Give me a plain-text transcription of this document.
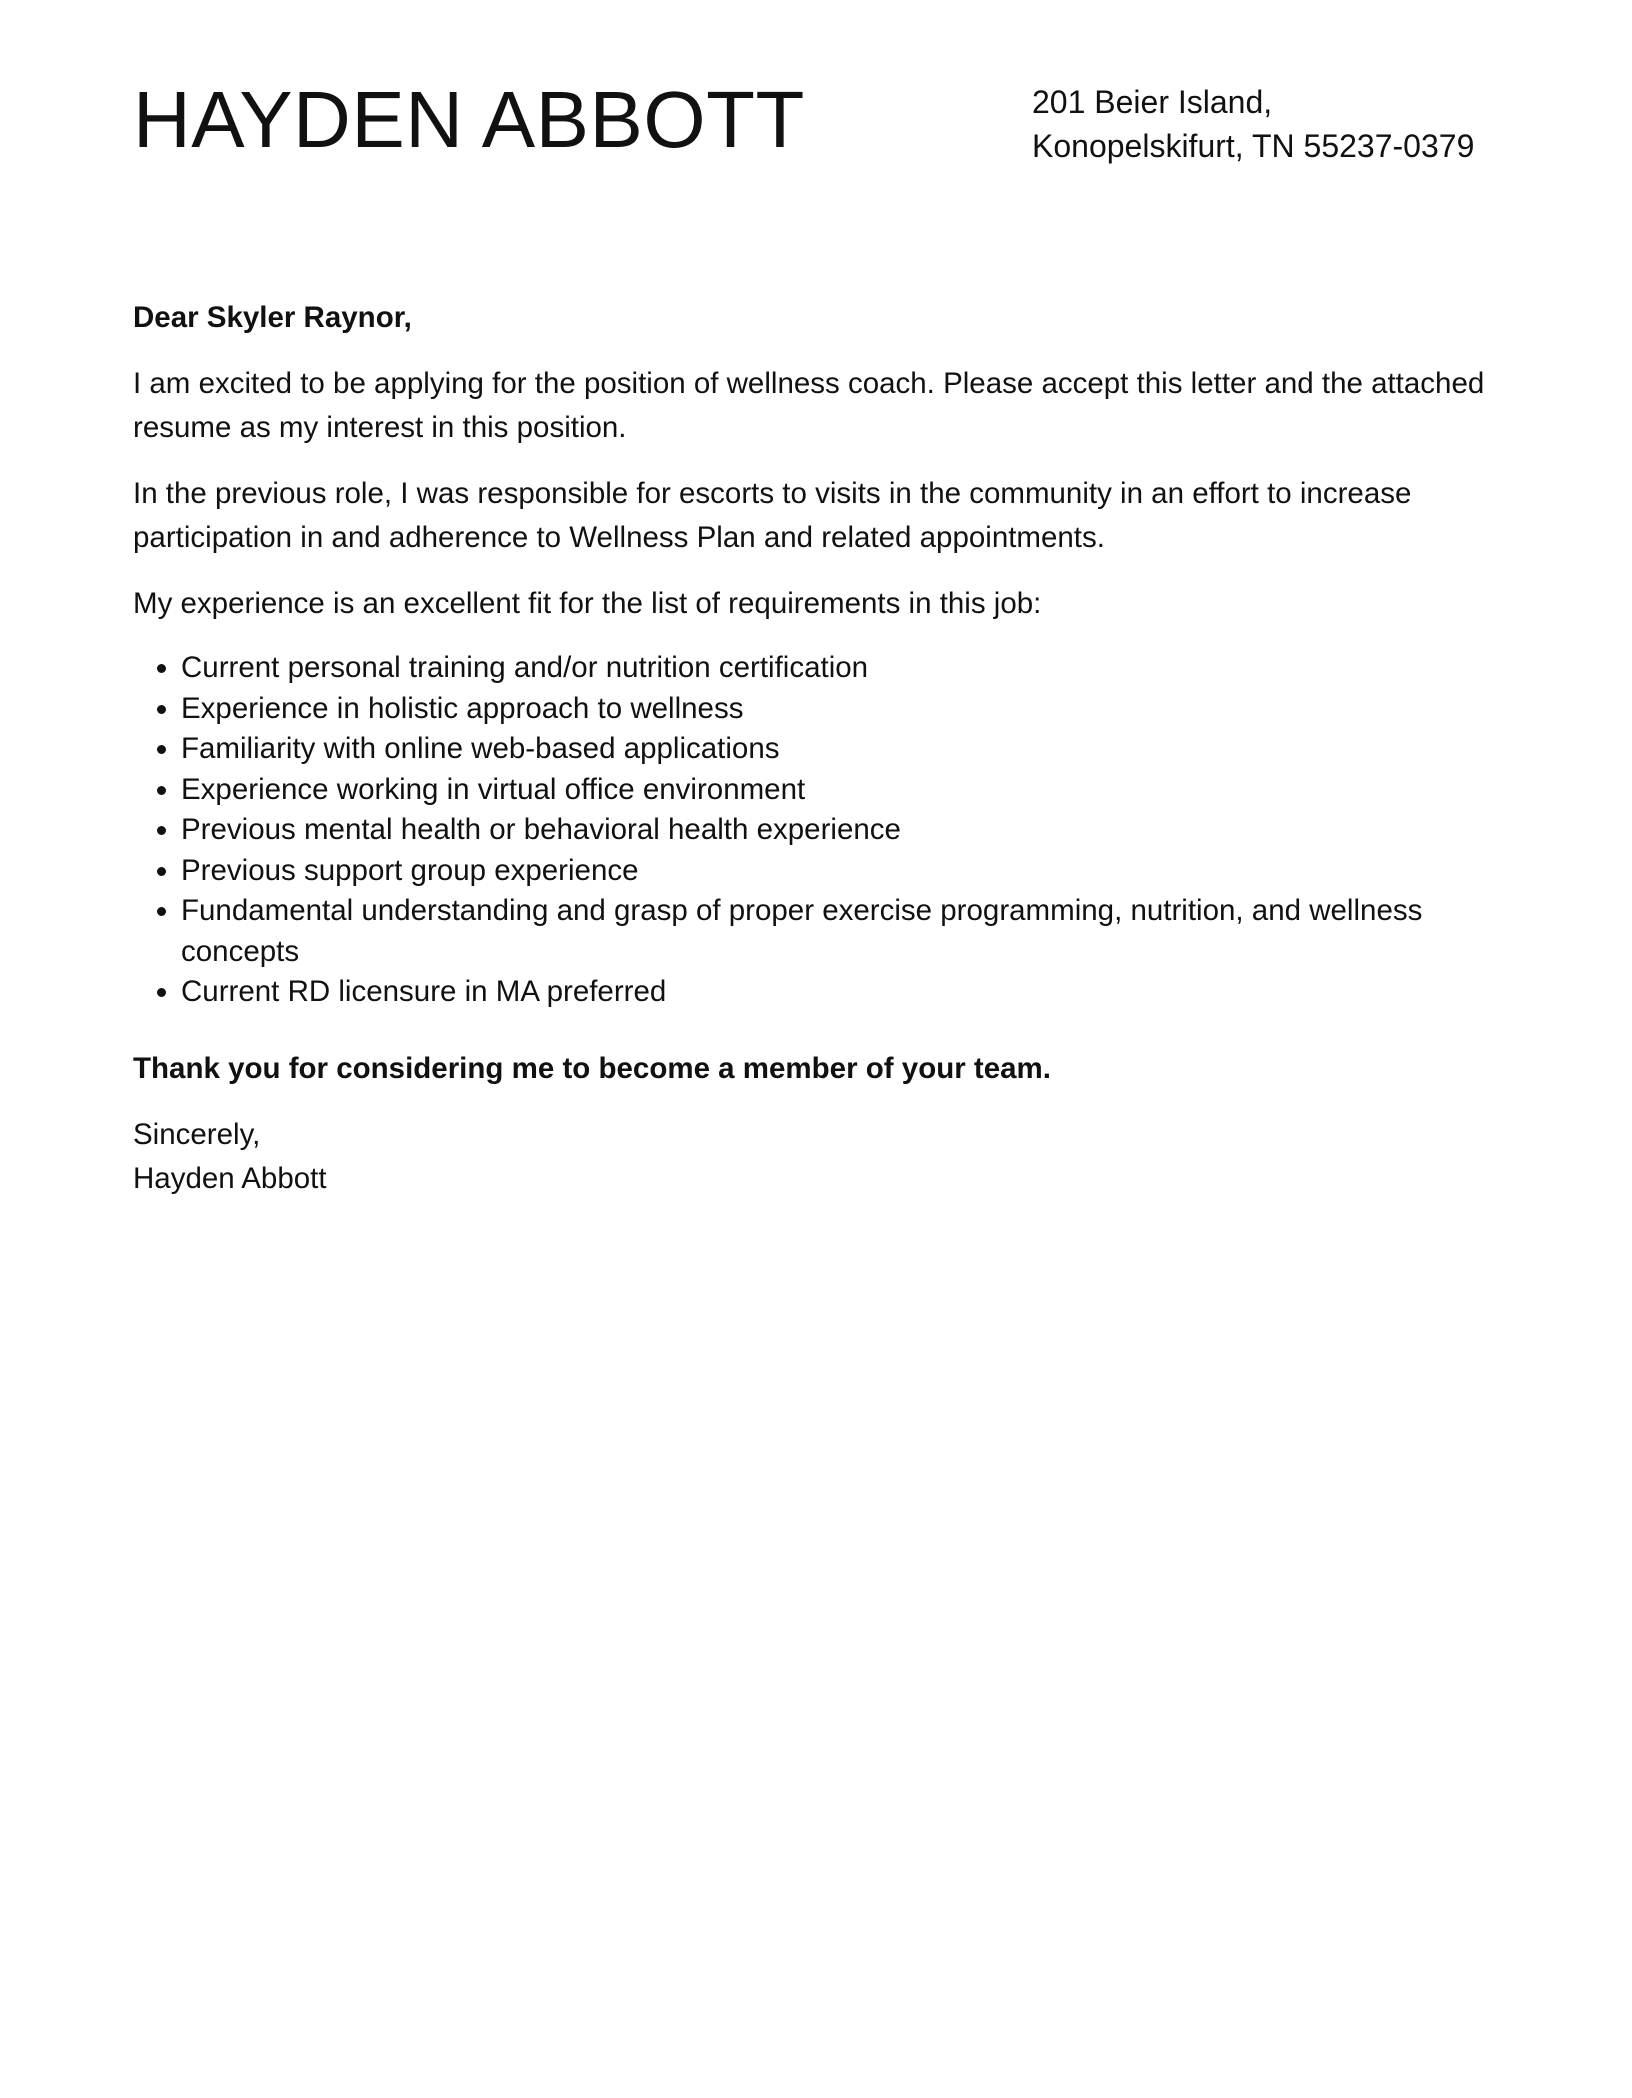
HAYDEN ABBOTT	201 Beier Island,
Konopelskifurt, TN 55237-0379

Dear Skyler Raynor,

I am excited to be applying for the position of wellness coach. Please accept this letter and the attached resume as my interest in this position.

In the previous role, I was responsible for escorts to visits in the community in an effort to increase participation in and adherence to Wellness Plan and related appointments.

My experience is an excellent fit for the list of requirements in this job:

• Current personal training and/or nutrition certification
• Experience in holistic approach to wellness
• Familiarity with online web-based applications
• Experience working in virtual office environment
• Previous mental health or behavioral health experience
• Previous support group experience
• Fundamental understanding and grasp of proper exercise programming, nutrition, and wellness concepts
• Current RD licensure in MA preferred

Thank you for considering me to become a member of your team.

Sincerely,
Hayden Abbott
